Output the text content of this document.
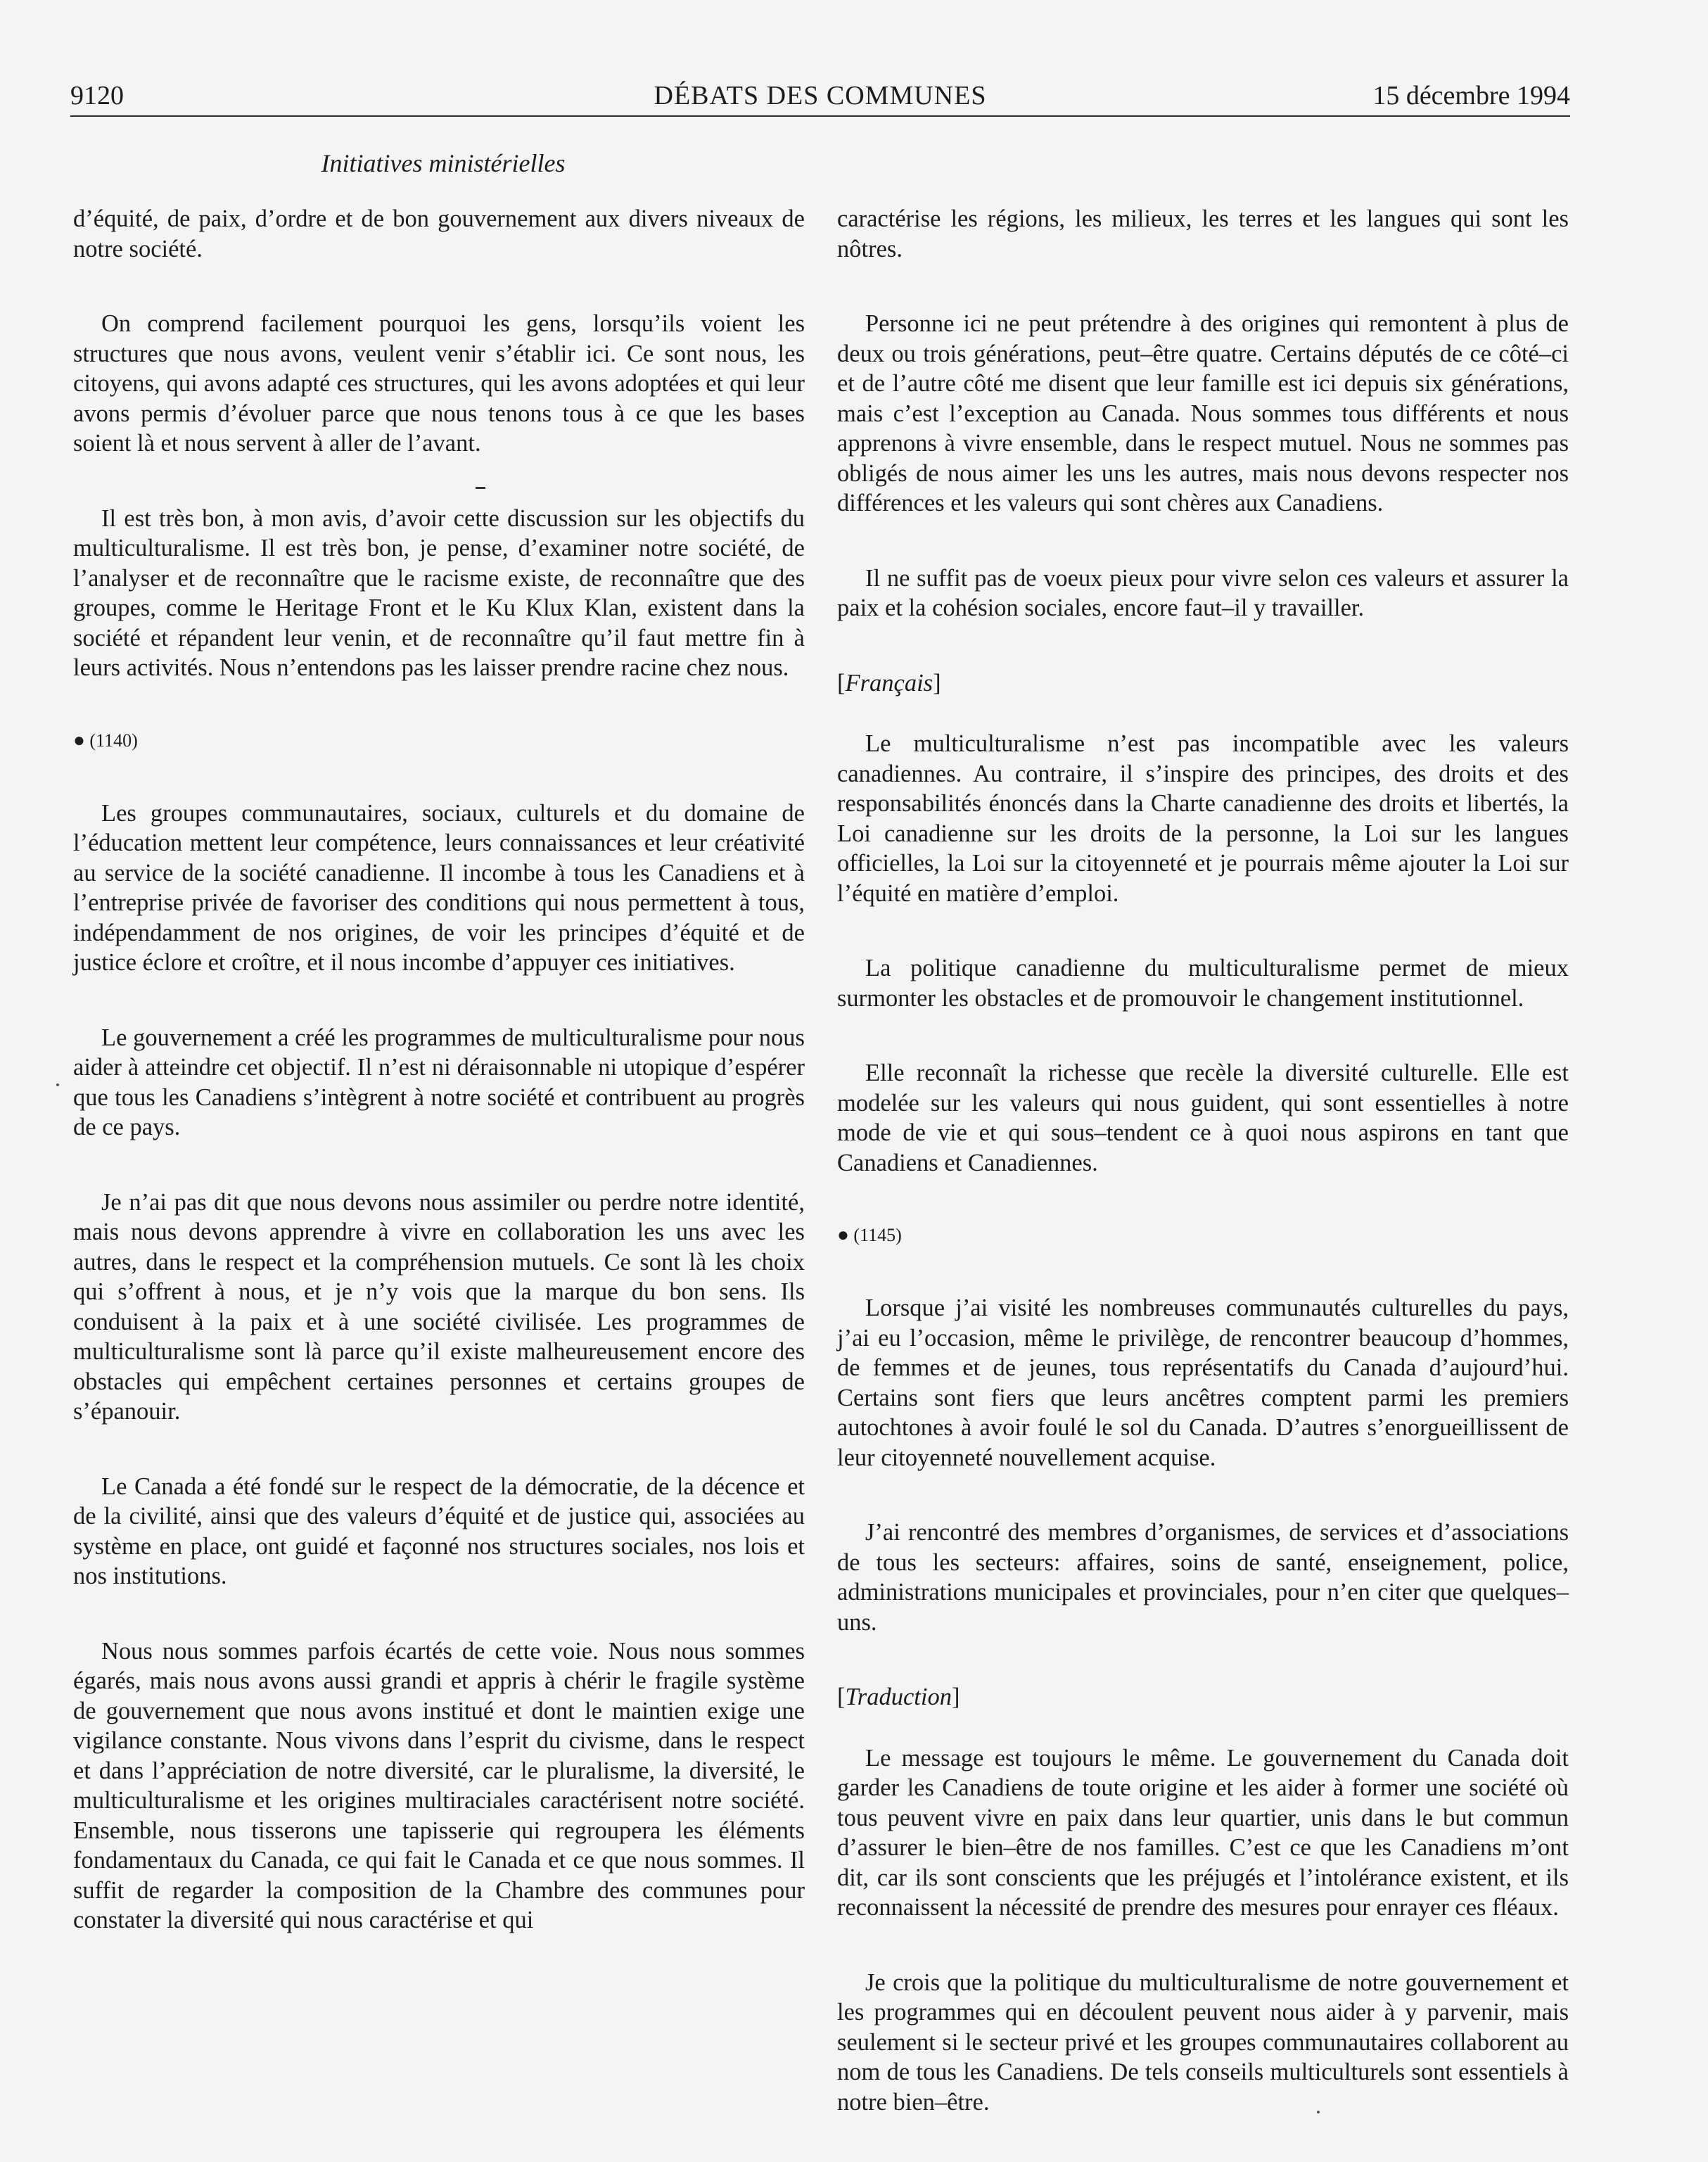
9120	DÉBATS DES COMMUNES	15 décembre 1994
Initiatives ministérielles

d’équité, de paix, d’ordre et de bon gouvernement aux divers niveaux de notre société.

On comprend facilement pourquoi les gens, lorsqu’ils voient les structures que nous avons, veulent venir s’établir ici. Ce sont nous, les citoyens, qui avons adapté ces structures, qui les avons adoptées et qui leur avons permis d’évoluer parce que nous tenons tous à ce que les bases soient là et nous servent à aller de l’avant.

Il est très bon, à mon avis, d’avoir cette discussion sur les objectifs du multiculturalisme. Il est très bon, je pense, d’examiner notre société, de l’analyser et de reconnaître que le racisme existe, de reconnaître que des groupes, comme le Heritage Front et le Ku Klux Klan, existent dans la société et répandent leur venin, et de reconnaître qu’il faut mettre fin à leurs activités. Nous n’entendons pas les laisser prendre racine chez nous.

● (1140)

Les groupes communautaires, sociaux, culturels et du domaine de l’éducation mettent leur compétence, leurs connaissances et leur créativité au service de la société canadienne. Il incombe à tous les Canadiens et à l’entreprise privée de favoriser des conditions qui nous permettent à tous, indépendamment de nos origines, de voir les principes d’équité et de justice éclore et croître, et il nous incombe d’appuyer ces initiatives.

Le gouvernement a créé les programmes de multiculturalisme pour nous aider à atteindre cet objectif. Il n’est ni déraisonnable ni utopique d’espérer que tous les Canadiens s’intègrent à notre société et contribuent au progrès de ce pays.

Je n’ai pas dit que nous devons nous assimiler ou perdre notre identité, mais nous devons apprendre à vivre en collaboration les uns avec les autres, dans le respect et la compréhension mutuels. Ce sont là les choix qui s’offrent à nous, et je n’y vois que la marque du bon sens. Ils conduisent à la paix et à une société civilisée. Les programmes de multiculturalisme sont là parce qu’il existe malheureusement encore des obstacles qui empêchent certaines personnes et certains groupes de s’épanouir.

Le Canada a été fondé sur le respect de la démocratie, de la décence et de la civilité, ainsi que des valeurs d’équité et de justice qui, associées au système en place, ont guidé et façonné nos structures sociales, nos lois et nos institutions.

Nous nous sommes parfois écartés de cette voie. Nous nous sommes égarés, mais nous avons aussi grandi et appris à chérir le fragile système de gouvernement que nous avons institué et dont le maintien exige une vigilance constante. Nous vivons dans l’esprit du civisme, dans le respect et dans l’appréciation de notre diversité, car le pluralisme, la diversité, le multiculturalisme et les origines multiraciales caractérisent notre société. Ensemble, nous tisserons une tapisserie qui regroupera les éléments fondamentaux du Canada, ce qui fait le Canada et ce que nous sommes. Il suffit de regarder la composition de la Chambre des communes pour constater la diversité qui nous caractérise et qui

caractérise les régions, les milieux, les terres et les langues qui sont les nôtres.

Personne ici ne peut prétendre à des origines qui remontent à plus de deux ou trois générations, peut–être quatre. Certains députés de ce côté–ci et de l’autre côté me disent que leur famille est ici depuis six générations, mais c’est l’exception au Canada. Nous sommes tous différents et nous apprenons à vivre ensemble, dans le respect mutuel. Nous ne sommes pas obligés de nous aimer les uns les autres, mais nous devons respecter nos différences et les valeurs qui sont chères aux Canadiens.

Il ne suffit pas de voeux pieux pour vivre selon ces valeurs et assurer la paix et la cohésion sociales, encore faut–il y travailler.

[Français]

Le multiculturalisme n’est pas incompatible avec les valeurs canadiennes. Au contraire, il s’inspire des principes, des droits et des responsabilités énoncés dans la Charte canadienne des droits et libertés, la Loi canadienne sur les droits de la personne, la Loi sur les langues officielles, la Loi sur la citoyenneté et je pourrais même ajouter la Loi sur l’équité en matière d’emploi.

La politique canadienne du multiculturalisme permet de mieux surmonter les obstacles et de promouvoir le changement institutionnel.

Elle reconnaît la richesse que recèle la diversité culturelle. Elle est modelée sur les valeurs qui nous guident, qui sont essentielles à notre mode de vie et qui sous–tendent ce à quoi nous aspirons en tant que Canadiens et Canadiennes.

● (1145)

Lorsque j’ai visité les nombreuses communautés culturelles du pays, j’ai eu l’occasion, même le privilège, de rencontrer beaucoup d’hommes, de femmes et de jeunes, tous représentatifs du Canada d’aujourd’hui. Certains sont fiers que leurs ancêtres comptent parmi les premiers autochtones à avoir foulé le sol du Canada. D’autres s’enorgueillissent de leur citoyenneté nouvellement acquise.

J’ai rencontré des membres d’organismes, de services et d’associations de tous les secteurs: affaires, soins de santé, enseignement, police, administrations municipales et provinciales, pour n’en citer que quelques–uns.

[Traduction]

Le message est toujours le même. Le gouvernement du Canada doit garder les Canadiens de toute origine et les aider à former une société où tous peuvent vivre en paix dans leur quartier, unis dans le but commun d’assurer le bien–être de nos familles. C’est ce que les Canadiens m’ont dit, car ils sont conscients que les préjugés et l’intolérance existent, et ils reconnaissent la nécessité de prendre des mesures pour enrayer ces fléaux.

Je crois que la politique du multiculturalisme de notre gouvernement et les programmes qui en découlent peuvent nous aider à y parvenir, mais seulement si le secteur privé et les groupes communautaires collaborent au nom de tous les Canadiens. De tels conseils multiculturels sont essentiels à notre bien–être.
